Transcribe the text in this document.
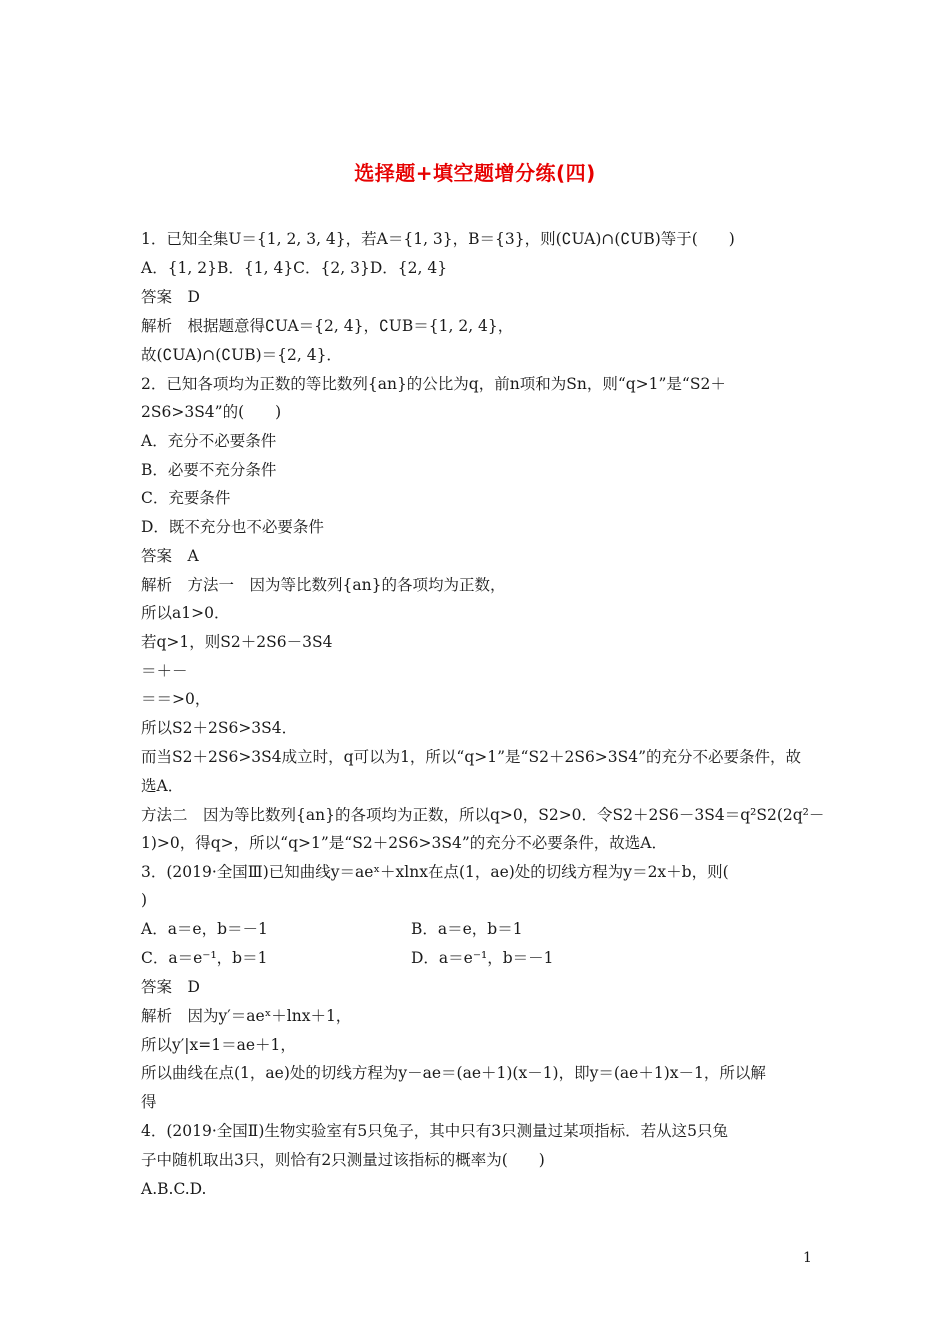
选择题+填空题增分练(四)
1．已知全集U＝{1, 2, 3, 4}，若A＝{1, 3}，B＝{3}，则(∁UA)∩(∁UB)等于(　　)
A．{1, 2}B．{1, 4}C．{2, 3}D．{2, 4}
答案　D
解析　根据题意得∁UA＝{2, 4}，∁UB＝{1, 2, 4}，
故(∁UA)∩(∁UB)＝{2, 4}．
2．已知各项均为正数的等比数列{an}的公比为q，前n项和为Sn，则“q>1”是“S2＋
2S6>3S4”的(　　)
A．充分不必要条件
B．必要不充分条件
C．充要条件
D．既不充分也不必要条件
答案　A
解析　方法一　因为等比数列{an}的各项均为正数，
所以a1>0．
若q>1，则S2＋2S6－3S4
＝＋－
＝＝>0，
所以S2＋2S6>3S4．
而当S2＋2S6>3S4成立时，q可以为1，所以“q>1”是“S2＋2S6>3S4”的充分不必要条件，故
选A．
方法二　因为等比数列{an}的各项均为正数，所以q>0，S2>0．令S2＋2S6－3S4＝q²S2(2q²－
1)>0，得q>，所以“q>1”是“S2＋2S6>3S4”的充分不必要条件，故选A．
3．(2019·全国Ⅲ)已知曲线y＝aeˣ＋xlnx在点(1，ae)处的切线方程为y＝2x＋b，则(
)
A．a＝e，b＝－1	B．a＝e，b＝1
C．a＝e⁻¹，b＝1	D．a＝e⁻¹，b＝－1
答案　D
解析　因为y′＝aeˣ＋lnx＋1，
所以y′|x=1＝ae＋1，
所以曲线在点(1，ae)处的切线方程为y－ae＝(ae＋1)(x－1)，即y＝(ae＋1)x－1，所以解
得
4．(2019·全国Ⅱ)生物实验室有5只兔子，其中只有3只测量过某项指标．若从这5只兔
子中随机取出3只，则恰有2只测量过该指标的概率为(　　)
A.B.C.D.
1
